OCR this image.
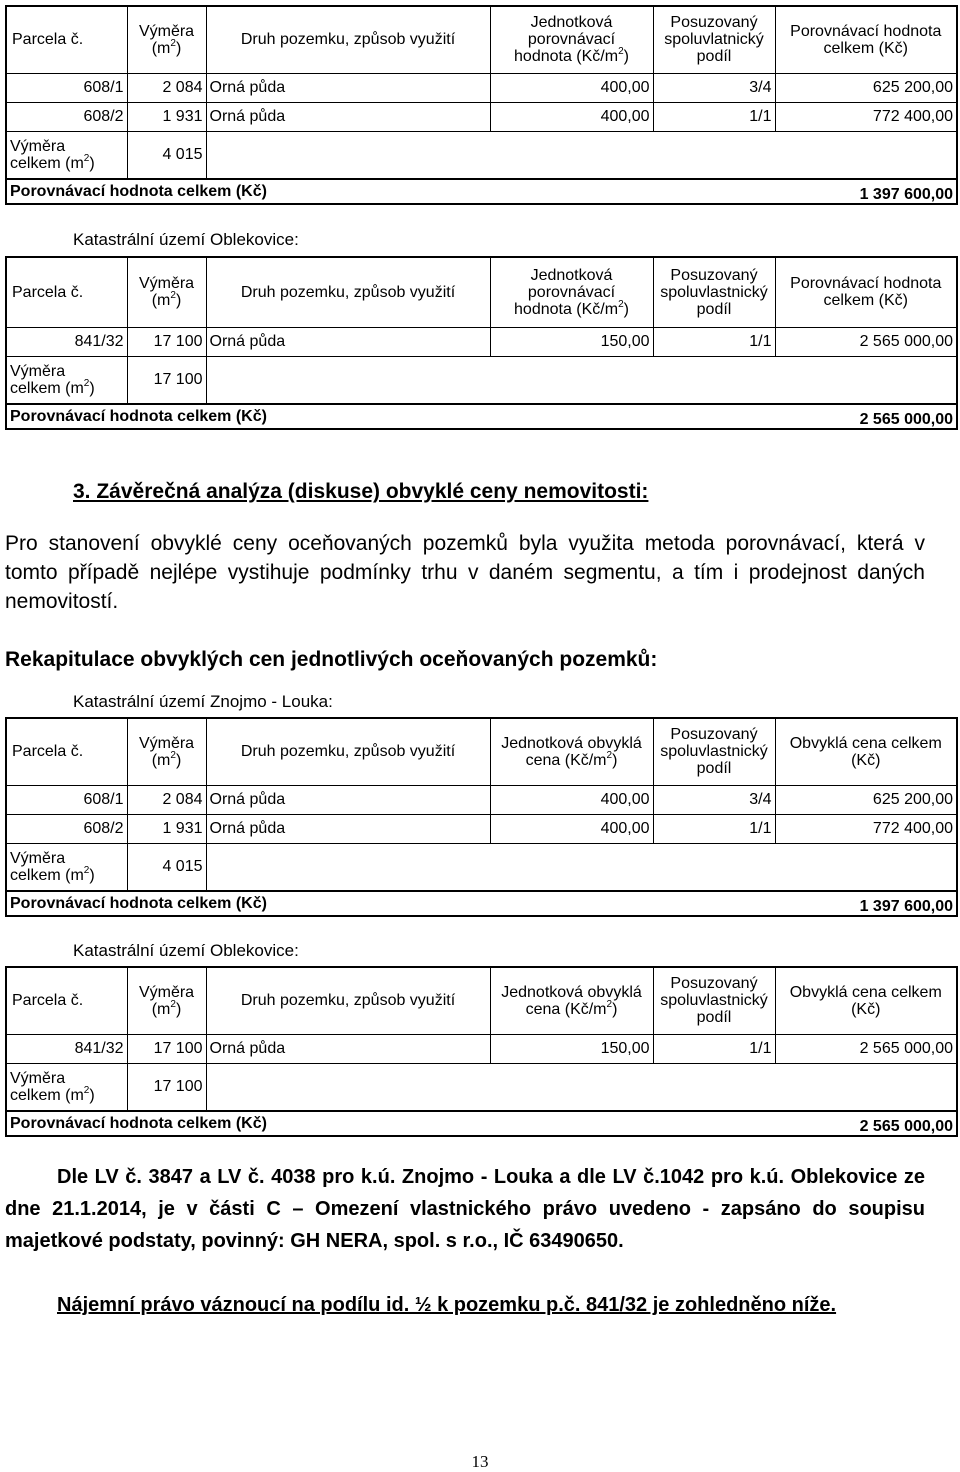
Parcela č.	Výměra
$(m^2)$	Druh pozemku, způsob využití	Jednotková
porovnávací
hodnota $(Kč/m^2)$	Posuzovaný
spoluvlatnický
podíl	Porovnávací hodnota celkem (Kč)
608/1	2 084	Orná půda	400,00	3/4	625 200,00
608/2	1 931	Orná půda	400,00	1/1	772 400,00
Výměra
celkem $(m^2)$	4 015				
Porovnávací hodnota celkem (Kč)			1 397 600,00		
Katastrální území Oblekovice:
Parcela č.	Výměra
$(m^2)$	Druh pozemku, způsob využití	Jednotková
porovnávací
hodnota $(Kč/m^2)$	Posuzovaný
spoluvlastnický
podíl	Porovnávací hodnota
celkem (Kč)
841/32	17 100	Orná půda	150,00	1/1	2 565 000,00
Výměra
celkem $(m^2)$	17 100				
Porovnávací hodnota celkem (Kč)			2 565 000,00		
3. Závěrečná analýza (diskuse) obvyklé ceny nemovitosti:
Pro stanovení obvyklé ceny oceňovaných pozemků byla využita metoda porovnávací, která v tomto případě nejlépe vystihuje podmínky trhu v daném segmentu, a tím i prodejnost daných nemovitostí.
Rekapitulace obvyklých cen jednotlivých oceňovaných pozemků:
Katastrální území Znojmo - Louka:
Parcela č.	Výměra
$(m^2)$	Druh pozemku, způsob využití	Jednotková obvyklá
cena $(Kč/m^2)$	Posuzovaný
spoluvlastnický
podíl	Obvyklá cena celkem
(Kč)
608/1	2 084	Orná půda	400,00	3/4	625 200,00
608/2	1 931	Orná půda	400,00	1/1	772 400,00
Výměra
celkem $(m^2)$	4 015				
Porovnávací hodnota celkem (Kč)			1 397 600,00		
Katastrální území Oblekovice:
Parcela č.	Výměra
$(m^2)$	Druh pozemku, způsob využití	Jednotková obvyklá
cena $(Kč/m^2)$	Posuzovaný
spoluvlastnický
podíl	Obvyklá cena celkem
(Kč)
841/32	17 100	Orná půda	150,00	1/1	2 565 000,00
Výměra
celkem $(m^2)$	17 100				
Porovnávací hodnota celkem (Kč)			2 565 000,00		
Dle LV č. 3847 a LV č. 4038 pro k.ú. Znojmo - Louka a dle LV č.1042 pro k.ú. Oblekovice ze dne 21.1.2014, je v části C – Omezení vlastnického právo uvedeno - zapsáno do soupisu majetkové podstaty, povinný: GH NERA, spol. s r.o., IČ 63490650.
Nájemní právo váznoucí na podílu id. ½ k pozemku p.č. 841/32 je zohledněno níže.
13
